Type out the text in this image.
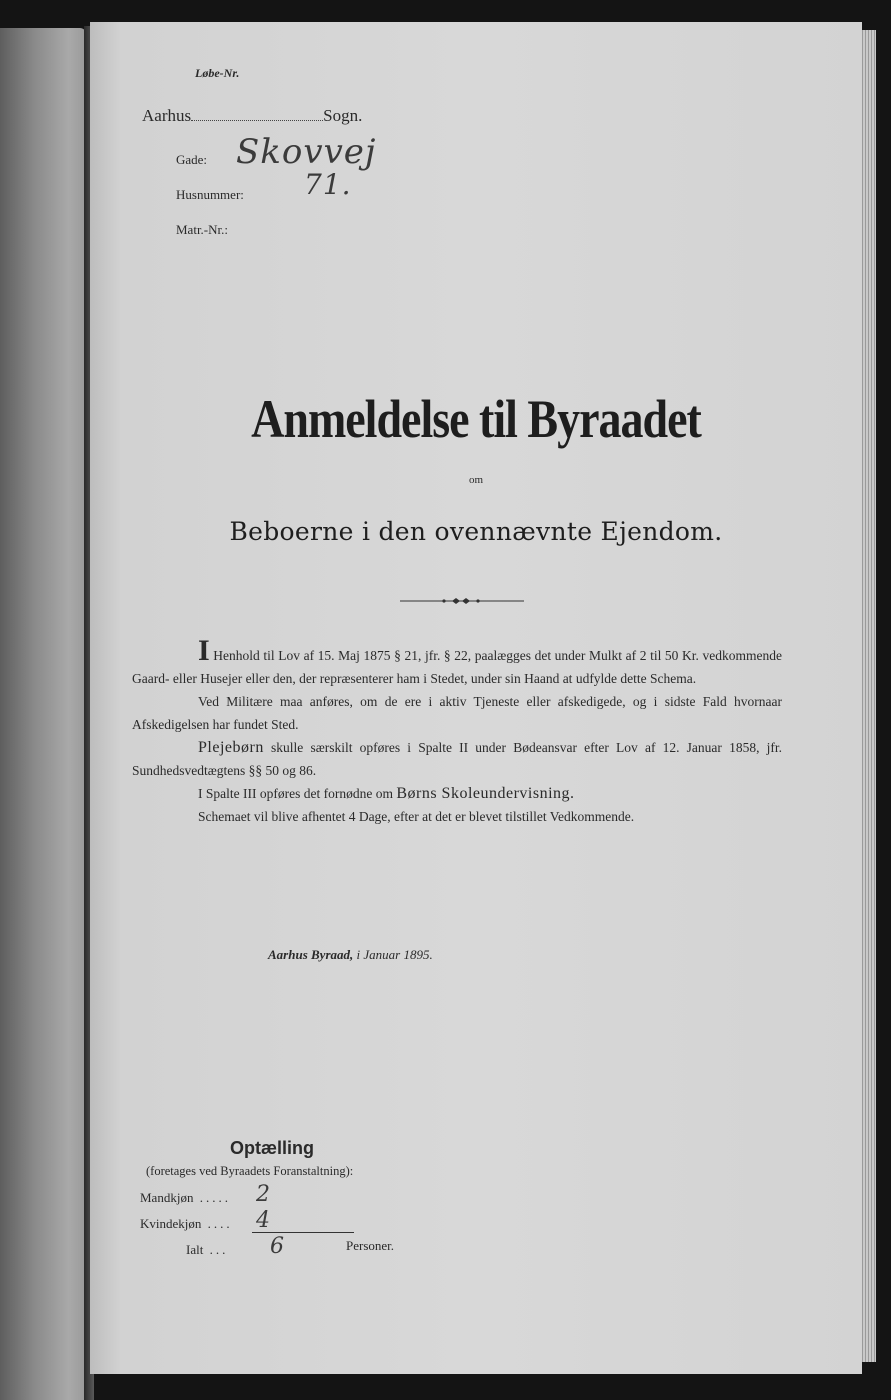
Løbe-Nr.
Aarhus	Sogn.
Gade: Skovvej
Husnummer: 71.
Matr.-Nr.:
Anmeldelse til Byraadet
om
Beboerne i den ovennævnte Ejendom.

I Henhold til Lov af 15. Maj 1875 § 21, jfr. § 22, paalægges det under Mulkt af 2 til 50 Kr. vedkommende Gaard- eller Husejer eller den, der repræsenterer ham i Stedet, under sin Haand at udfylde dette Schema.

Ved Militære maa anføres, om de ere i aktiv Tjeneste eller afskedigede, og i sidste Fald hvornaar Afskedigelsen har fundet Sted.

Plejebørn skulle særskilt opføres i Spalte II under Bødeansvar efter Lov af 12. Januar 1858, jfr. Sundhedsvedtægtens §§ 50 og 86.

I Spalte III opføres det fornødne om Børns Skoleundervisning.

Schemaet vil blive afhentet 4 Dage, efter at det er blevet tilstillet Vedkommende.

Aarhus Byraad, i Januar 1895.
Optælling
(foretages ved Byraadets Foranstaltning):
Mandkjøn ..... 2
Kvindekjøn .... 4
Ialt ... 6	Personer.
